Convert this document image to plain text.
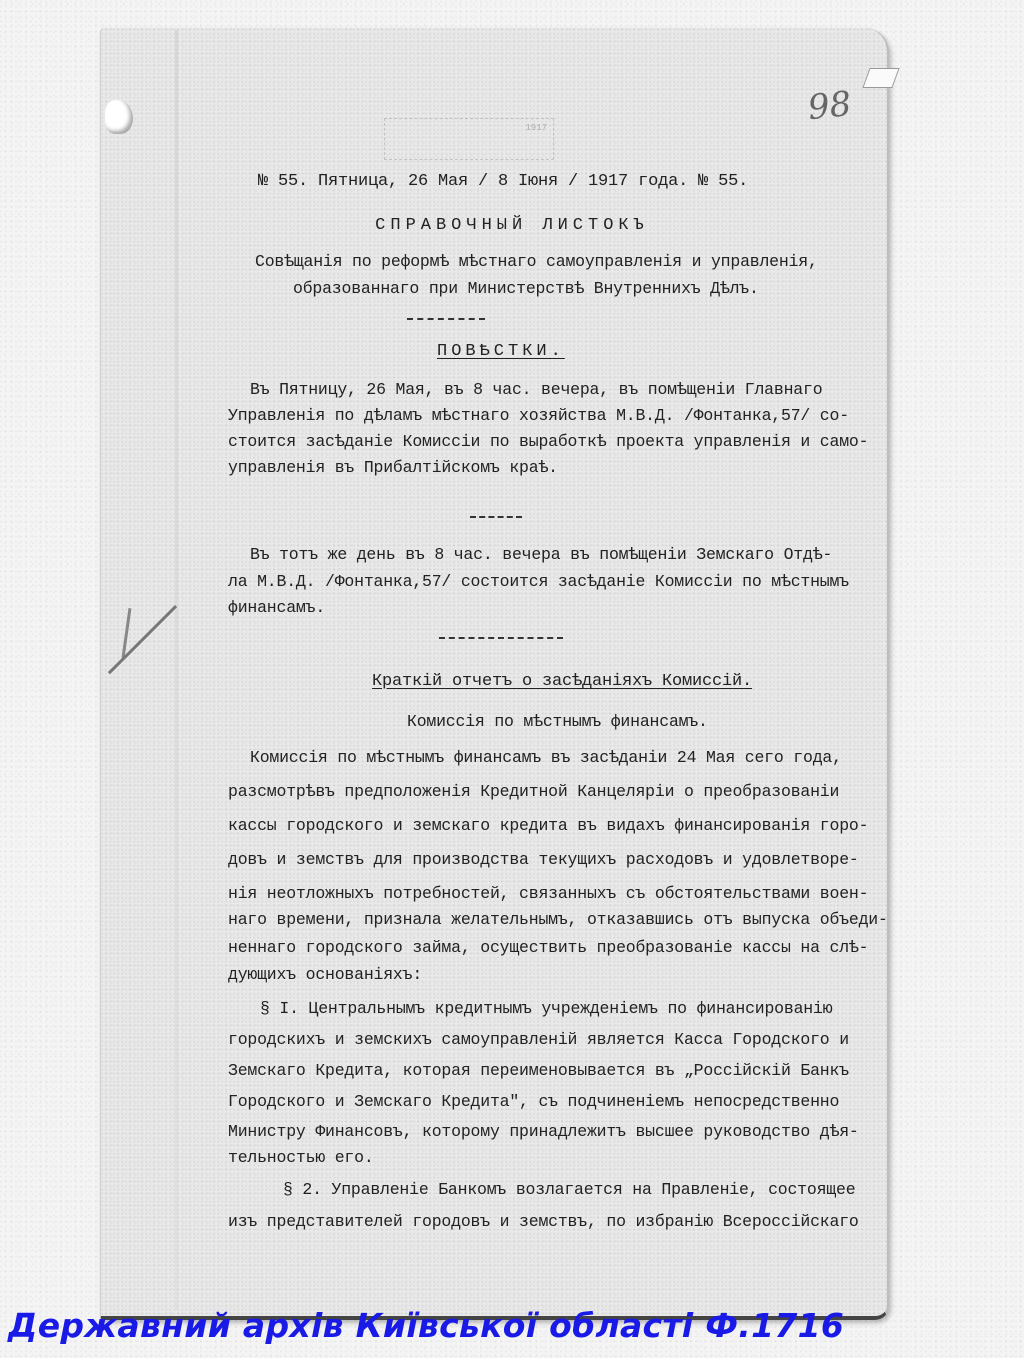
1917	98
№ 55. Пятница, 26 Мая / 8 Іюня / 1917 года. № 55.
СПРАВОЧНЫЙ ЛИСТОКЪ
Совѣщанія по реформѣ мѣстнаго самоуправленія и управленія,
образованнаго при Министерствѣ Внутреннихъ Дѣлъ.
ПОВѢСТКИ.
Въ Пятницу, 26 Мая, въ 8 час. вечера, въ помѣщеніи Главнаго
Управленія по дѣламъ мѣстнаго хозяйства М.В.Д. /Фонтанка,57/ со-
стоится засѣданіе Комиссіи по выработкѣ проекта управленія и само-
управленія въ Прибалтійскомъ краѣ.
Въ тотъ же день въ 8 час. вечера въ помѣщеніи Земскаго Отдѣ-
ла М.В.Д. /Фонтанка,57/ состоится засѣданіе Комиссіи по мѣстнымъ
финансамъ.
Краткій отчетъ о засѣданіяхъ Комиссій.
Комиссія по мѣстнымъ финансамъ.
Комиссія по мѣстнымъ финансамъ въ засѣданіи 24 Мая сего года,
разсмотрѣвъ предположенія Кредитной Канцеляріи о преобразованіи
кассы городского и земскаго кредита въ видахъ финансированія горо-
довъ и земствъ для производства текущихъ расходовъ и удовлетворе-
нія неотложныхъ потребностей, связанныхъ съ обстоятельствами воен-
наго времени, признала желательнымъ, отказавшись отъ выпуска объеди-
неннаго городского займа, осуществить преобразованіе кассы на слѣ-
дующихъ основаніяхъ:
§ I. Центральнымъ кредитнымъ учрежденіемъ по финансированію
городскихъ и земскихъ самоуправленій является Касса Городского и
Земскаго Кредита, которая переименовывается въ „Россійскій Банкъ
Городского и Земскаго Кредита", съ подчиненіемъ непосредственно
Министру Финансовъ, которому принадлежитъ высшее руководство дѣя-
тельностью его.
§ 2. Управленіе Банкомъ возлагается на Правленіе, состоящее
изъ представителей городовъ и земствъ, по избранію Всероссійскаго
Державний архів Київської області Ф.1716
